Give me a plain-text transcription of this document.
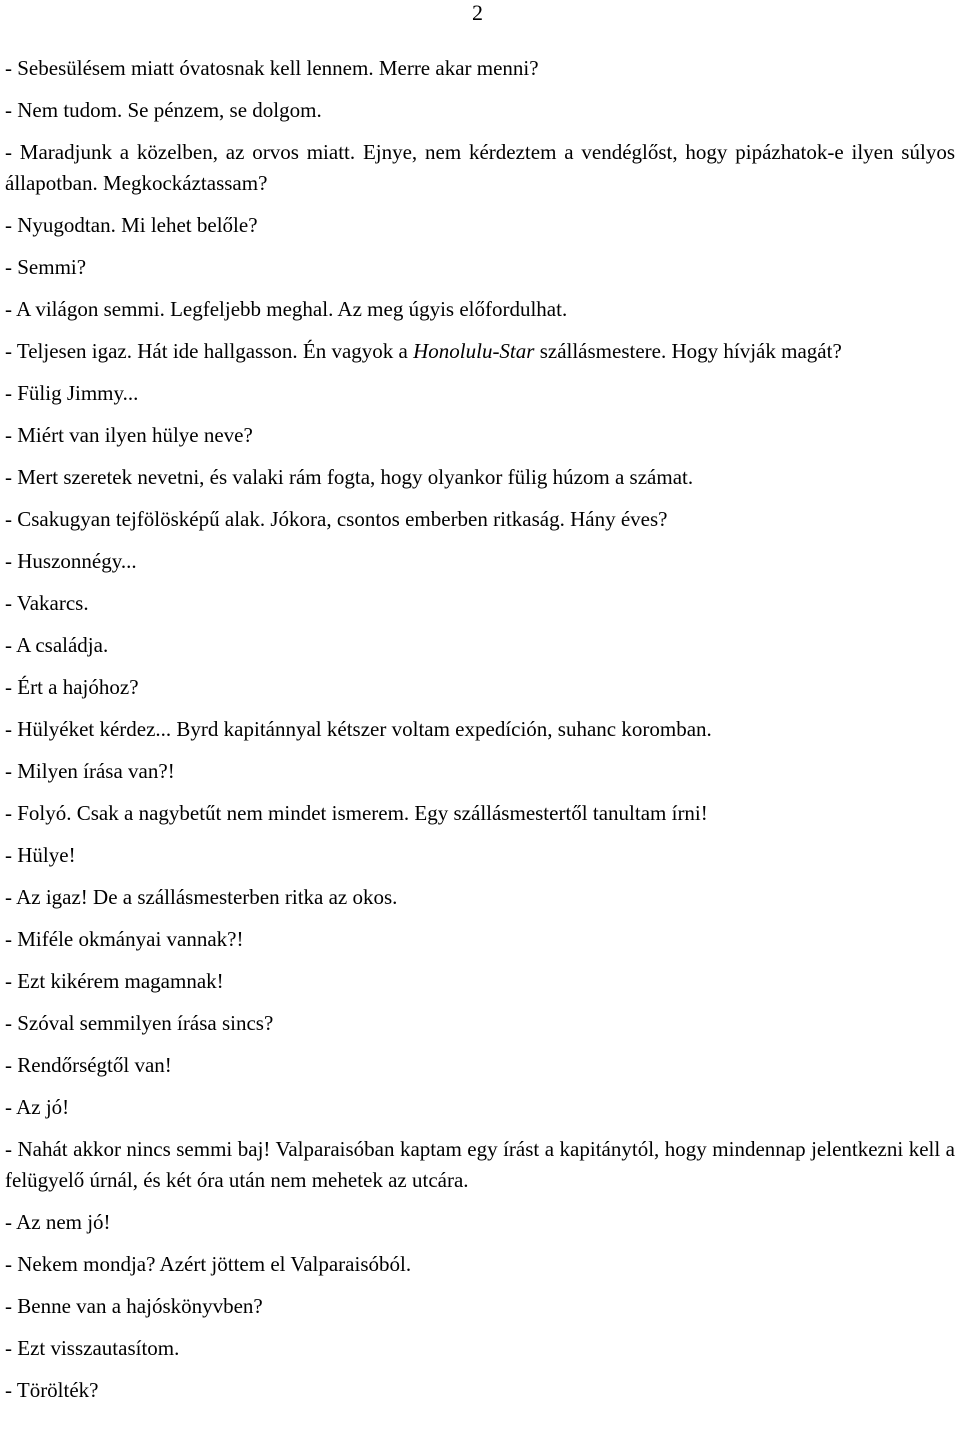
2

- Sebesülésem miatt óvatosnak kell lennem. Merre akar menni?

- Nem tudom. Se pénzem, se dolgom.

- Maradjunk a közelben, az orvos miatt. Ejnye, nem kérdeztem a vendéglőst, hogy pipázhatok-e ilyen súlyos állapotban. Megkockáztassam?

- Nyugodtan. Mi lehet belőle?

- Semmi?

- A világon semmi. Legfeljebb meghal. Az meg úgyis előfordulhat.

- Teljesen igaz. Hát ide hallgasson. Én vagyok a Honolulu-Star szállásmestere. Hogy hívják magát?

- Fülig Jimmy...

- Miért van ilyen hülye neve?

- Mert szeretek nevetni, és valaki rám fogta, hogy olyankor fülig húzom a számat.

- Csakugyan tejfölösképű alak. Jókora, csontos emberben ritkaság. Hány éves?

- Huszonnégy...

- Vakarcs.

- A családja.

- Ért a hajóhoz?

- Hülyéket kérdez... Byrd kapitánnyal kétszer voltam expedíción, suhanc koromban.

- Milyen írása van?!

- Folyó. Csak a nagybetűt nem mindet ismerem. Egy szállásmestertől tanultam írni!

- Hülye!

- Az igaz! De a szállásmesterben ritka az okos.

- Miféle okmányai vannak?!

- Ezt kikérem magamnak!

- Szóval semmilyen írása sincs?

- Rendőrségtől van!

- Az jó!

- Nahát akkor nincs semmi baj! Valparaisóban kaptam egy írást a kapitánytól, hogy mindennap jelentkezni kell a felügyelő úrnál, és két óra után nem mehetek az utcára.

- Az nem jó!

- Nekem mondja? Azért jöttem el Valparaisóból.

- Benne van a hajóskönyvben?

- Ezt visszautasítom.

- Törölték?
